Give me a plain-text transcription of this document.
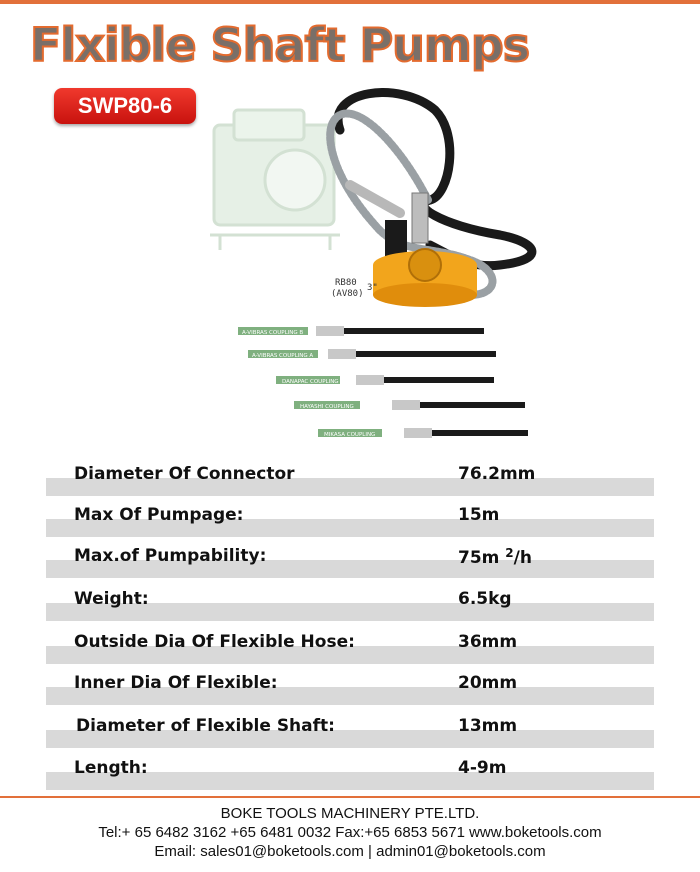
Flxible Shaft Pumps
SWP80-6
RB80
(AV80)
3"
A-VIBRAS COUPLING B
A-VIBRAS COUPLING A
DANAPAC COUPLING
HAYASHI COUPLING
MIKASA COUPLING
Diameter Of Connector	76.2mm
Max Of Pumpage:	15m
Max.of Pumpability:	75m $^2$/h
Weight:	6.5kg
Outside Dia Of Flexible Hose:	36mm
Inner Dia Of Flexible:	20mm
Diameter of Flexible Shaft:	13mm
Length:	4-9m
BOKE TOOLS MACHINERY PTE.LTD.
Tel:+ 65 6482 3162 +65 6481 0032 Fax:+65 6853 5671 www.boketools.com
Email: sales01@boketools.com | admin01@boketools.com
